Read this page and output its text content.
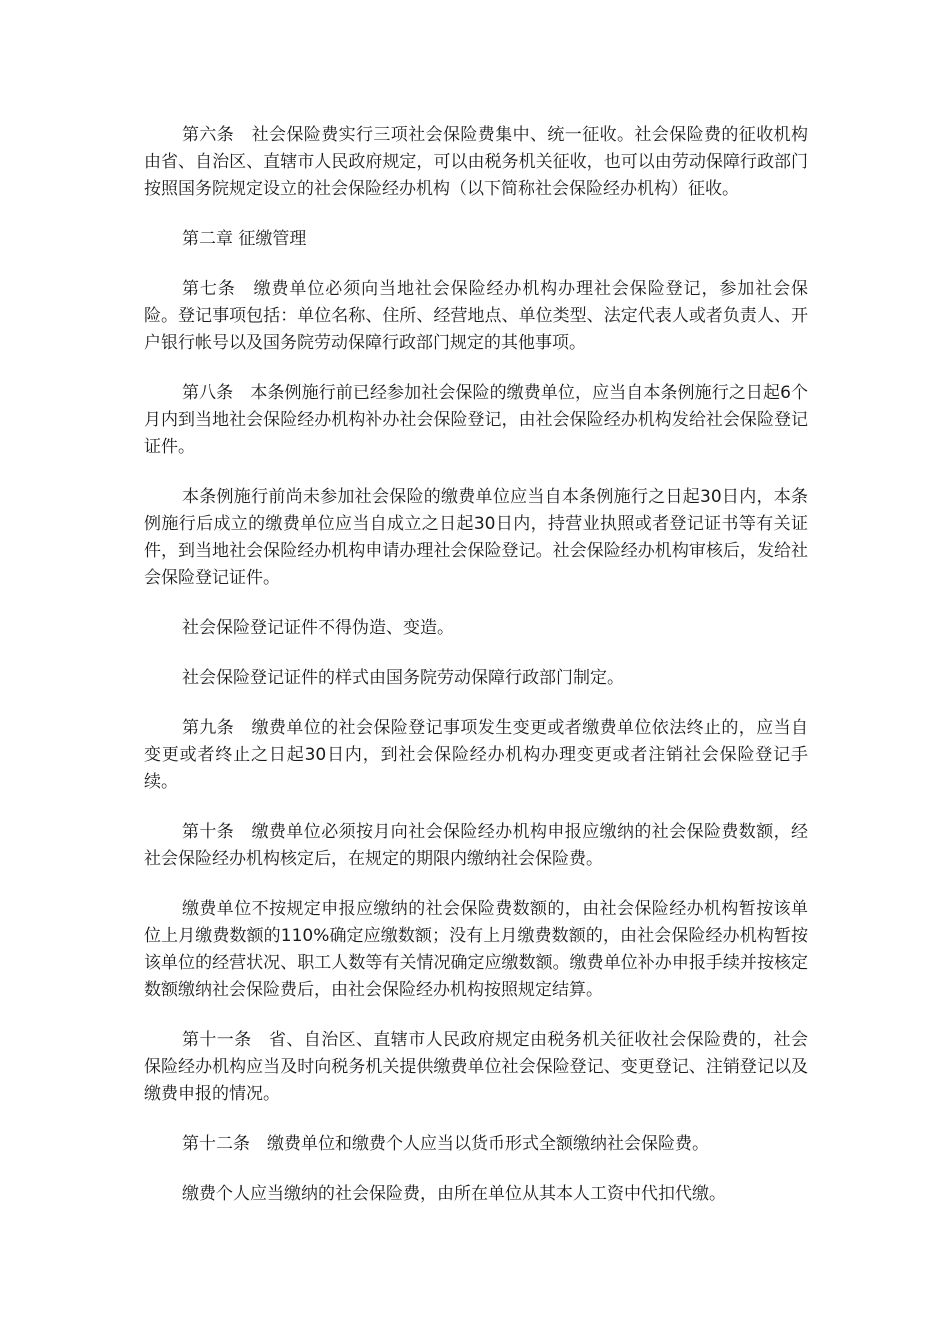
第六条　社会保险费实行三项社会保险费集中、统一征收。社会保险费的征收机构由省、自治区、直辖市人民政府规定，可以由税务机关征收，也可以由劳动保障行政部门按照国务院规定设立的社会保险经办机构（以下简称社会保险经办机构）征收。

第二章 征缴管理

第七条　缴费单位必须向当地社会保险经办机构办理社会保险登记，参加社会保险。登记事项包括：单位名称、住所、经营地点、单位类型、法定代表人或者负责人、开户银行帐号以及国务院劳动保障行政部门规定的其他事项。

第八条　本条例施行前已经参加社会保险的缴费单位，应当自本条例施行之日起6个月内到当地社会保险经办机构补办社会保险登记，由社会保险经办机构发给社会保险登记证件。

本条例施行前尚未参加社会保险的缴费单位应当自本条例施行之日起30日内，本条例施行后成立的缴费单位应当自成立之日起30日内，持营业执照或者登记证书等有关证件，到当地社会保险经办机构申请办理社会保险登记。社会保险经办机构审核后，发给社会保险登记证件。

社会保险登记证件不得伪造、变造。

社会保险登记证件的样式由国务院劳动保障行政部门制定。

第九条　缴费单位的社会保险登记事项发生变更或者缴费单位依法终止的，应当自变更或者终止之日起30日内，到社会保险经办机构办理变更或者注销社会保险登记手续。

第十条　缴费单位必须按月向社会保险经办机构申报应缴纳的社会保险费数额，经社会保险经办机构核定后，在规定的期限内缴纳社会保险费。

缴费单位不按规定申报应缴纳的社会保险费数额的，由社会保险经办机构暂按该单位上月缴费数额的110%确定应缴数额；没有上月缴费数额的，由社会保险经办机构暂按该单位的经营状况、职工人数等有关情况确定应缴数额。缴费单位补办申报手续并按核定数额缴纳社会保险费后，由社会保险经办机构按照规定结算。

第十一条　省、自治区、直辖市人民政府规定由税务机关征收社会保险费的，社会保险经办机构应当及时向税务机关提供缴费单位社会保险登记、变更登记、注销登记以及缴费申报的情况。

第十二条　缴费单位和缴费个人应当以货币形式全额缴纳社会保险费。

缴费个人应当缴纳的社会保险费，由所在单位从其本人工资中代扣代缴。
